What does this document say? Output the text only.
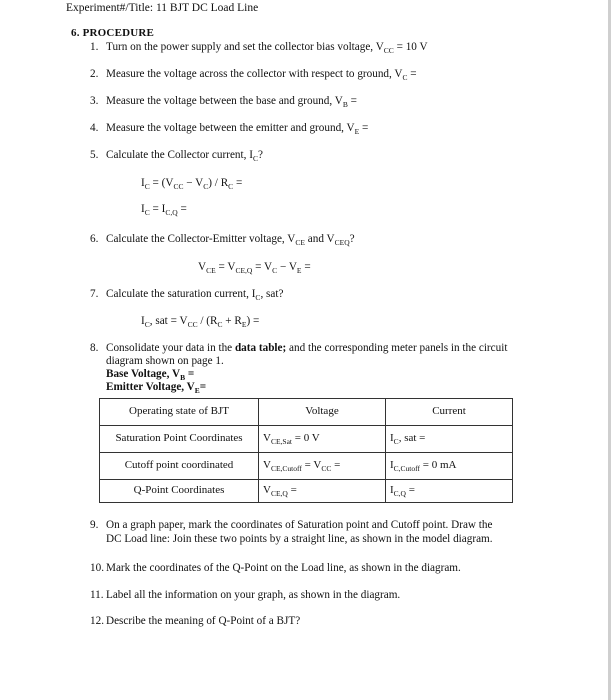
Experiment#/Title: 11 BJT DC Load Line
6. PROCEDURE
1. Turn on the power supply and set the collector bias voltage, $V_{CC} = 10$ V
2. Measure the voltage across the collector with respect to ground, $V_C$ =
3. Measure the voltage between the base and ground, $V_B$ =
4. Measure the voltage between the emitter and ground, $V_E$ =
5. Calculate the Collector current, $I_C$?
$I_C = (V_{CC} - V_C) / R_C$ =
$I_C = I_{C,Q}$ =
6. Calculate the Collector-Emitter voltage, $V_{CE}$ and $V_{CEQ}$?
$V_{CE} = V_{CE,Q} = V_C - V_E$ =
7. Calculate the saturation current, $I_C$, sat?
$I_C$, sat = $V_{CC} / (R_C + R_E)$ =
8. Consolidate your data in the data table; and the corresponding meter panels in the circuit
diagram shown on page 1.
Base Voltage, $V_B$ =
Emitter Voltage, $V_E=$
Operating state of BJT	Voltage	Current
Saturation Point Coordinates	$V_{CE,Sat} = 0$ V	$I_C$, sat =
Cutoff point coordinated	$V_{CE,Cutoff} = V_{CC}$ =	$I_{C,Cutoff} = 0$ mA
Q-Point Coordinates	$V_{CE,Q}$ =	$I_{C,Q}$ =
9. On a graph paper, mark the coordinates of Saturation point and Cutoff point. Draw the
DC Load line: Join these two points by a straight line, as shown in the model diagram.
10. Mark the coordinates of the Q-Point on the Load line, as shown in the diagram.
11. Label all the information on your graph, as shown in the diagram.
12. Describe the meaning of Q-Point of a BJT?
